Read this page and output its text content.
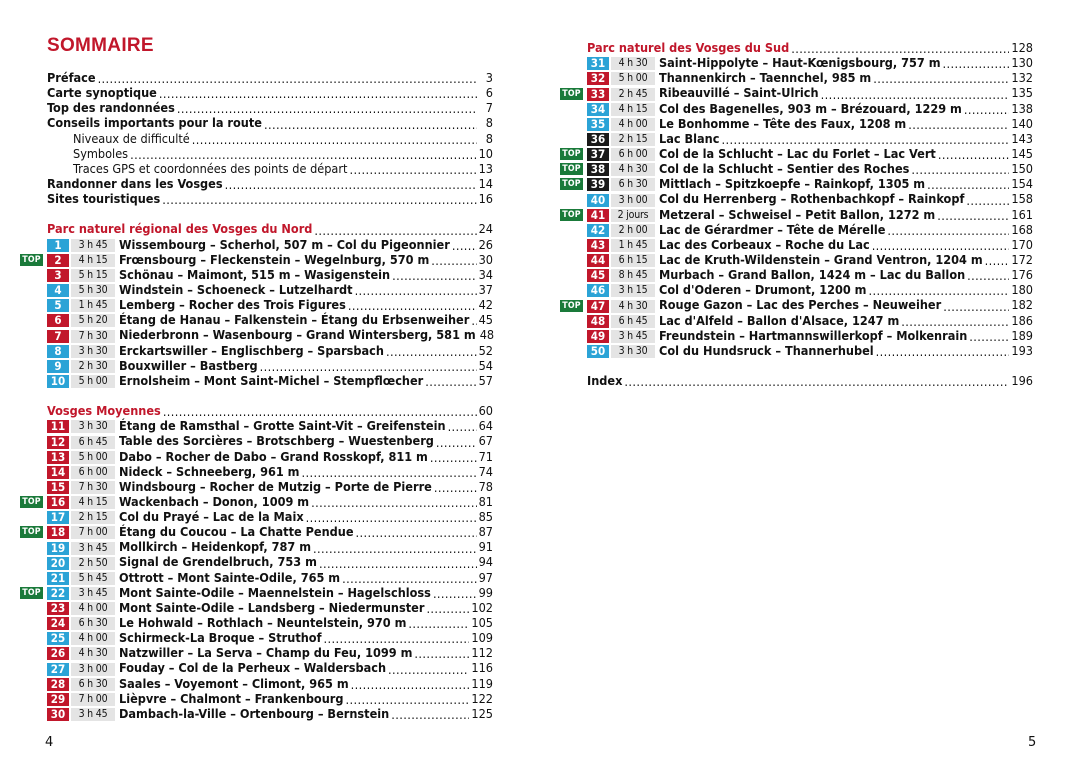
SOMMAIRE
Préface . . .	3
Carte synoptique . . .	6
Top des randonnées . . .	7
Conseils importants pour la route . . .	8
Niveaux de difficulté . . .	8
Symboles . . .	10
Traces GPS et coordonnées des points de départ . . .	13
Randonner dans les Vosges . . .	14
Sites touristiques . . .	16
Parc naturel régional des Vosges du Nord . . .	24
1	3 h 45 Wissembourg – Scherhol, 507 m – Col du Pigeonnier . . . 26
TOP	2	4 h 15 Frœnsbourg – Fleckenstein – Wegelnburg, 570 m . . .	30
3	5 h 15 Schönau – Maimont, 515 m – Wasigenstein . . .	34
4	5 h 30 Windstein – Schoeneck – Lutzelhardt . . .	37
5	1 h 45 Lemberg – Rocher des Trois Figures . . .	42
6	5 h 20 Étang de Hanau – Falkenstein – Étang du Erbsenweiher . . . 45
7	7 h 30 Niederbronn – Wasenbourg – Grand Wintersberg, 581 m 48
8	3 h 30 Erckartswiller – Englischberg – Sparsbach . . .	52
9	2 h 30 Bouxwiller – Bastberg . . .	54
10	5 h 00 Ernolsheim – Mont Saint-Michel – Stempflœcher . . .	57
Vosges Moyennes . . .	60
11	3 h 30 Étang de Ramsthal – Grotte Saint-Vit – Greifenstein . . .	64
12	6 h 45 Table des Sorcières – Brotschberg – Wuestenberg . . .	67
13	5 h 00 Dabo – Rocher de Dabo – Grand Rosskopf, 811 m . . .	71
14	6 h 00 Nideck – Schneeberg, 961 m . . .	74
15	7 h 30 Windsbourg – Rocher de Mutzig – Porte de Pierre . . .	78
TOP 16	4 h 15 Wackenbach – Donon, 1009 m . . .	81
17	2 h 15 Col du Prayé – Lac de la Maix . . .	85
TOP 18	7 h 00 Étang du Coucou – La Chatte Pendue . . .	87
19	3 h 45 Mollkirch – Heidenkopf, 787 m . . .	91
20	2 h 50 Signal de Grendelbruch, 753 m . . .	94
21	5 h 45 Ottrott – Mont Sainte-Odile, 765 m . . .	97
TOP 22	3 h 45 Mont Sainte-Odile – Maennelstein – Hagelschloss . . .	99
23	4 h 00 Mont Sainte-Odile – Landsberg – Niedermunster . . .	102
24	6 h 30 Le Hohwald – Rothlach – Neuntelstein, 970 m . . .	105
25	4 h 00 Schirmeck-La Broque – Struthof . . .	109
26	4 h 30 Natzwiller – La Serva – Champ du Feu, 1099 m . . .	112
27	3 h 00 Fouday – Col de la Perheux – Waldersbach . . .	116
28	6 h 30 Saales – Voyemont – Climont, 965 m . . .	119
29	7 h 00 Lièpvre – Chalmont – Frankenbourg . . .	122
30	3 h 45 Dambach-la-Ville – Ortenbourg – Bernstein . . .	125
4
Parc naturel des Vosges du Sud . . .	128
31	4 h 30 Saint-Hippolyte – Haut-Kœnigsbourg, 757 m . . .	130
32	5 h 00 Thannenkirch – Taennchel, 985 m . . .	132
TOP 33	2 h 45 Ribeauvillé – Saint-Ulrich . . .	135
34	4 h 15 Col des Bagenelles, 903 m – Brézouard, 1229 m . . .	138
35	4 h 00 Le Bonhomme – Tête des Faux, 1208 m . . .	140
36	2 h 15 Lac Blanc . . .	143
TOP 37	6 h 00 Col de la Schlucht – Lac du Forlet – Lac Vert . . .	145
TOP 38	4 h 30 Col de la Schlucht – Sentier des Roches . . .	150
TOP 39	6 h 30 Mittlach – Spitzkoepfe – Rainkopf, 1305 m . . .	154
40	3 h 00 Col du Herrenberg – Rothenbachkopf – Rainkopf . . .	158
TOP 41	2 jours Metzeral – Schweisel – Petit Ballon, 1272 m . . .	161
42	2 h 00 Lac de Gérardmer – Tête de Mérelle . . .	168
43	1 h 45 Lac des Corbeaux – Roche du Lac . . .	170
44	6 h 15 Lac de Kruth-Wildenstein – Grand Ventron, 1204 m . . . 172
45	8 h 45 Murbach – Grand Ballon, 1424 m – Lac du Ballon . . .	176
46	3 h 15 Col d'Oderen – Drumont, 1200 m . . .	180
TOP 47	4 h 30 Rouge Gazon – Lac des Perches – Neuweiher . . .	182
48	6 h 45 Lac d'Alfeld – Ballon d'Alsace, 1247 m . . .	186
49	3 h 45 Freundstein – Hartmannswillerkopf – Molkenrain . . .	189
50	3 h 30 Col du Hundsruck – Thannerhubel . . .	193
Index . . .	196
5
